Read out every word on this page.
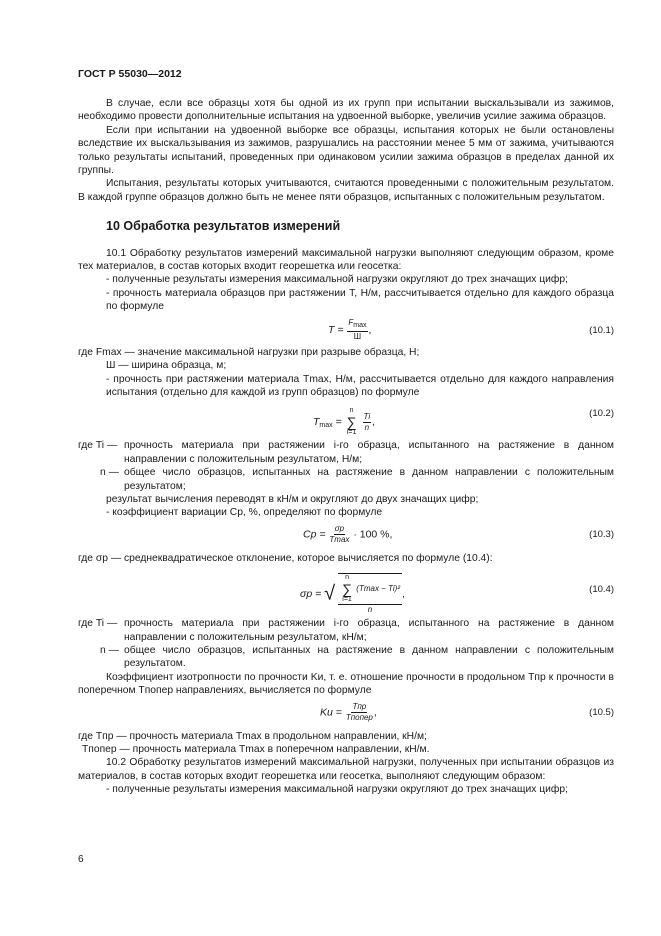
ГОСТ Р 55030—2012

В случае, если все образцы хотя бы одной из их групп при испытании выскальзывали из зажимов, необходимо провести дополнительные испытания на удвоенной выборке, увеличив усилие зажима образцов.

Если при испытании на удвоенной выборке все образцы, испытания которых не были остановлены вследствие их выскальзывания из зажимов, разрушались на расстоянии менее 5 мм от зажима, учитываются только результаты испытаний, проведенных при одинаковом усилии зажима образцов в пределах данной их группы.

Испытания, результаты которых учитываются, считаются проведенными с положительным результатом. В каждой группе образцов должно быть не менее пяти образцов, испытанных с положительным результатом.

10 Обработка результатов измерений

10.1 Обработку результатов измерений максимальной нагрузки выполняют следующим образом, кроме тех материалов, в состав которых входит георешетка или геосетка:

- полученные результаты измерения максимальной нагрузки округляют до трех значащих цифр;
- прочность материала образцов при растяжении T, Н/м, рассчитывается отдельно для каждого образца по формуле
$T = \frac{Fmax}{Ш}$ ,	(10.1)
где Fmax — значение максимальной нагрузки при разрыве образца, Н;
Ш — ширина образца, м;
- прочность при растяжении материала Tmax, Н/м, рассчитывается отдельно для каждого направления испытания (отдельно для каждой из групп образцов) по формуле
$T_{max}$ =
n
∑
i=1
$\frac{Ti}{n}$ ,
(10.2)
где Ti — прочность материала при растяжении i-го образца, испытанного на растяжение в данном направлении с положительным результатом, Н/м;
n — общее число образцов, испытанных на растяжение в данном направлении с положительным результатом;
результат вычисления переводят в кН/м и округляют до двух значащих цифр;
- коэффициент вариации Cp, %, определяют по формуле
$Cp = \frac{\sigma p}{Tmax} \cdot 100$ %,	(10.3)
где σp — среднеквадратическое отклонение, которое вычисляется по формуле (10.4):
σp = √
n
∑
i=1
(Tmax − Ti)²
n
,	(10.4)
где Ti — прочность материала при растяжении i-го образца, испытанного на растяжение в данном направлении с положительным результатом, кН/м;
n — общее число образцов, испытанных на растяжение в данном направлении с положительным результатом.

Коэффициент изотропности по прочности Kи, т. е. отношение прочности в продольном Tпр к прочности в поперечном Tпопер направлениях, вычисляется по формуле

Kи = $\frac{\text{Tпр}}{\text{Tпопер}}$ ,	(10.5)
где Tпр — прочность материала Tmax в продольном направлении, кН/м;
Tпопер — прочность материала Tmax в поперечном направлении, кН/м.

10.2 Обработку результатов измерений максимальной нагрузки, полученных при испытании образцов из материалов, в состав которых входит георешетка или геосетка, выполняют следующим образом:

- полученные результаты измерения максимальной нагрузки округляют до трех значащих цифр;
6
